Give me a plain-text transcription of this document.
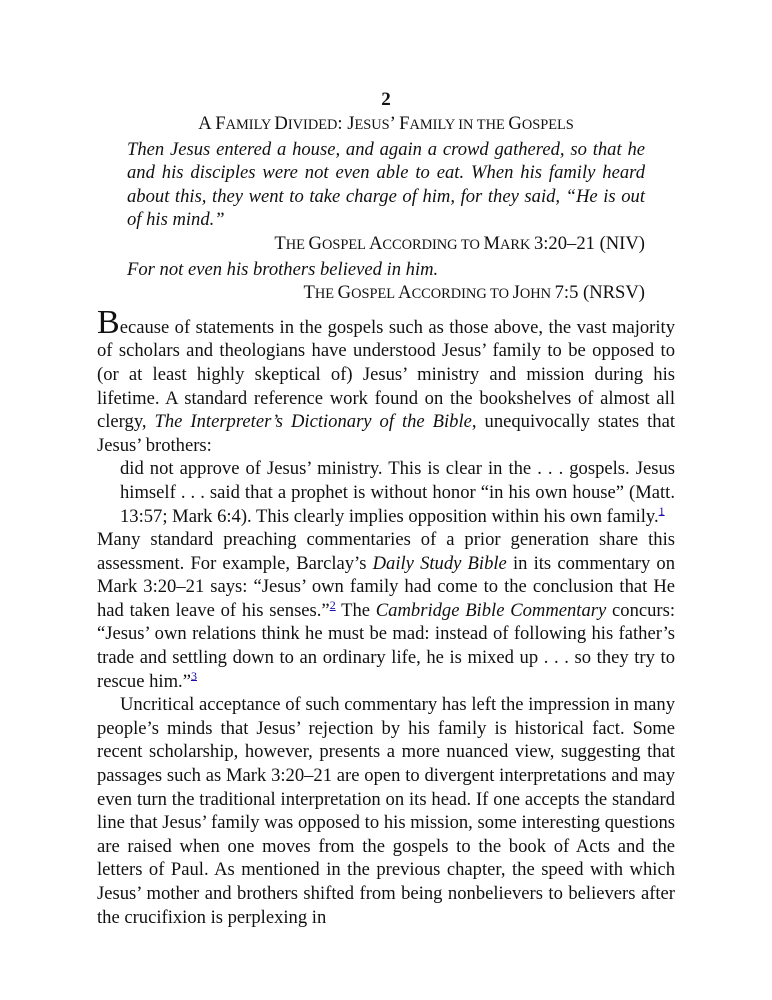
2

A FAMILY DIVIDED: JESUS’ FAMILY IN THE GOSPELS

Then Jesus entered a house, and again a crowd gathered, so that he and his disciples were not even able to eat. When his family heard about this, they went to take charge of him, for they said, “He is out of his mind.”

THE GOSPEL ACCORDING TO MARK 3:20–21 (NIV)

For not even his brothers believed in him.

THE GOSPEL ACCORDING TO JOHN 7:5 (NRSV)

Because of statements in the gospels such as those above, the vast majority of scholars and theologians have understood Jesus’ family to be opposed to (or at least highly skeptical of) Jesus’ ministry and mission during his lifetime. A standard reference work found on the bookshelves of almost all clergy, The Interpreter’s Dictionary of the Bible, unequivocally states that Jesus’ brothers:

did not approve of Jesus’ ministry. This is clear in the . . . gospels. Jesus himself . . . said that a prophet is without honor “in his own house” (Matt. 13:57; Mark 6:4). This clearly implies opposition within his own family.$^1$

Many standard preaching commentaries of a prior generation share this assessment. For example, Barclay’s Daily Study Bible in its commentary on Mark 3:20–21 says: “Jesus’ own family had come to the conclusion that He had taken leave of his senses.”$^2$ The Cambridge Bible Commentary concurs: “Jesus’ own relations think he must be mad: instead of following his father’s trade and settling down to an ordinary life, he is mixed up . . . so they try to rescue him.”$^3$

Uncritical acceptance of such commentary has left the impression in many people’s minds that Jesus’ rejection by his family is historical fact. Some recent scholarship, however, presents a more nuanced view, suggesting that passages such as Mark 3:20–21 are open to divergent interpretations and may even turn the traditional interpretation on its head. If one accepts the standard line that Jesus’ family was opposed to his mission, some interesting questions are raised when one moves from the gospels to the book of Acts and the letters of Paul. As mentioned in the previous chapter, the speed with which Jesus’ mother and brothers shifted from being nonbelievers to believers after the crucifixion is perplexing in
